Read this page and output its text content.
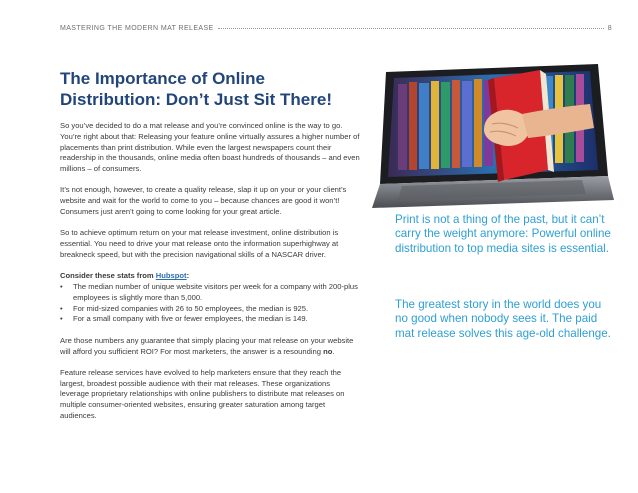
MASTERING THE MODERN MAT RELEASE	8
The Importance of Online
Distribution: Don’t Just Sit There!

So you’ve decided to do a mat release and you’re convinced online is the way to go. You’re right about that: Releasing your feature online virtually assures a higher number of placements than print distribution. While even the largest newspapers count their readership in the thousands, online media often boast hundreds of thousands – and even millions – of consumers.

It’s not enough, however, to create a quality release, slap it up on your or your client’s website and wait for the world to come to you – because chances are good it won’t! Consumers just aren’t going to come looking for your great article.

So to achieve optimum return on your mat release investment, online distribution is essential. You need to drive your mat release onto the information superhighway at breakneck speed, but with the precision navigational skills of a NASCAR driver.

Consider these stats from Hubspot:

• The median number of unique website visitors per week for a company with 200-plus employees is slightly more than 5,000.
• For mid-sized companies with 26 to 50 employees, the median is 925.
• For a small company with five or fewer employees, the median is 149.

Are those numbers any guarantee that simply placing your mat release on your website will afford you sufficient ROI? For most marketers, the answer is a resounding no.

Feature release services have evolved to help marketers ensure that they reach the largest, broadest possible audience with their mat releases. These organizations leverage proprietary relationships with online publishers to distribute mat releases on multiple consumer-oriented websites, ensuring greater saturation among target audiences.

Print is not a thing of the past, but it can’t carry the weight anymore: Powerful online distribution to top media sites is essential.
The greatest story in the world does you no good when nobody sees it. The paid mat release solves this age-old challenge.
